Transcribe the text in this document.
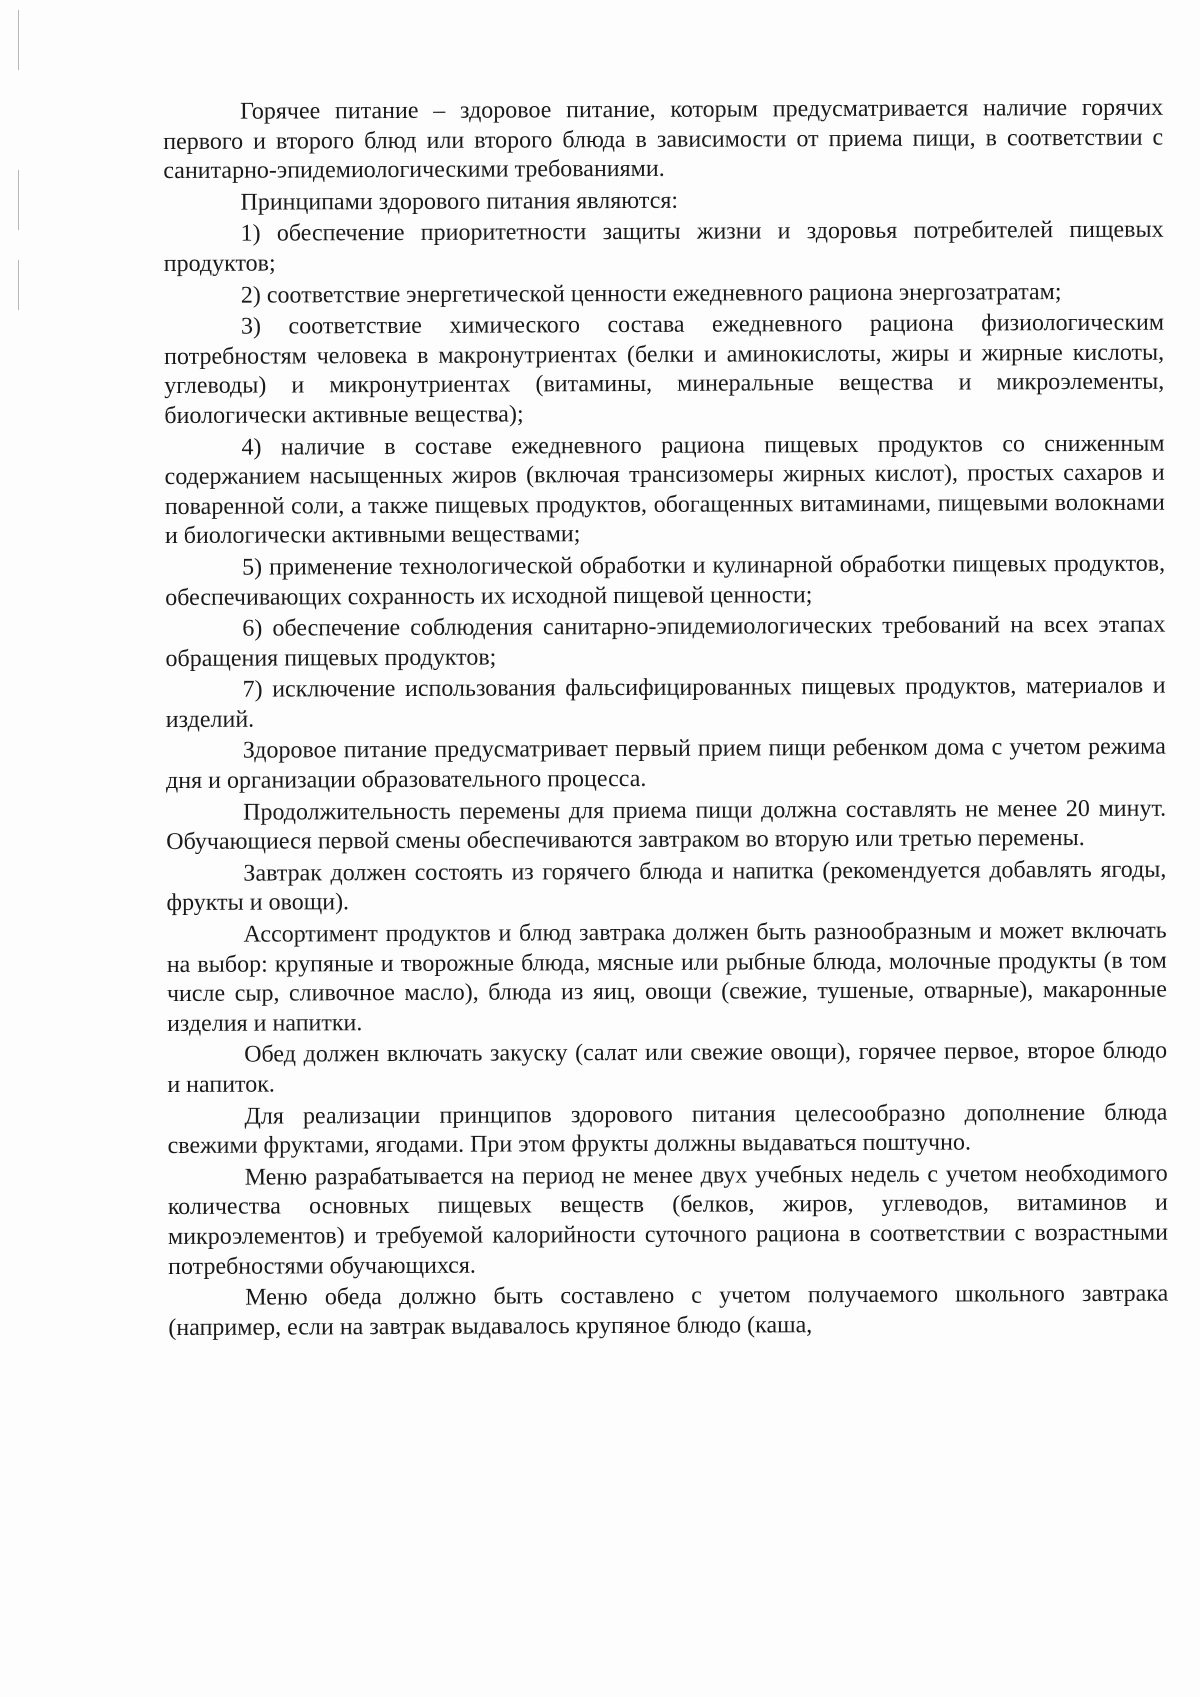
Горячее питание – здоровое питание, которым предусматривается наличие горячих первого и второго блюд или второго блюда в зависимости от приема пищи, в соответствии с санитарно-эпидемиологическими требованиями.

Принципами здорового питания являются:

1) обеспечение приоритетности защиты жизни и здоровья потребителей пищевых продуктов;

2) соответствие энергетической ценности ежедневного рациона энергозатратам;

3) соответствие химического состава ежедневного рациона физиологическим потребностям человека в макронутриентах (белки и аминокислоты, жиры и жирные кислоты, углеводы) и микронутриентах (витамины, минеральные вещества и микроэлементы, биологически активные вещества);

4) наличие в составе ежедневного рациона пищевых продуктов со сниженным содержанием насыщенных жиров (включая трансизомеры жирных кислот), простых сахаров и поваренной соли, а также пищевых продуктов, обогащенных витаминами, пищевыми волокнами и биологически активными веществами;

5) применение технологической обработки и кулинарной обработки пищевых продуктов, обеспечивающих сохранность их исходной пищевой ценности;

6) обеспечение соблюдения санитарно-эпидемиологических требований на всех этапах обращения пищевых продуктов;

7) исключение использования фальсифицированных пищевых продуктов, материалов и изделий.

Здоровое питание предусматривает первый прием пищи ребенком дома с учетом режима дня и организации образовательного процесса.

Продолжительность перемены для приема пищи должна составлять не менее 20 минут. Обучающиеся первой смены обеспечиваются завтраком во вторую или третью перемены.

Завтрак должен состоять из горячего блюда и напитка (рекомендуется добавлять ягоды, фрукты и овощи).

Ассортимент продуктов и блюд завтрака должен быть разнообразным и может включать на выбор: крупяные и творожные блюда, мясные или рыбные блюда, молочные продукты (в том числе сыр, сливочное масло), блюда из яиц, овощи (свежие, тушеные, отварные), макаронные изделия и напитки.

Обед должен включать закуску (салат или свежие овощи), горячее первое, второе блюдо и напиток.

Для реализации принципов здорового питания целесообразно дополнение блюда свежими фруктами, ягодами. При этом фрукты должны выдаваться поштучно.

Меню разрабатывается на период не менее двух учебных недель с учетом необходимого количества основных пищевых веществ (белков, жиров, углеводов, витаминов и микроэлементов) и требуемой калорийности суточного рациона в соответствии с возрастными потребностями обучающихся.

Меню обеда должно быть составлено с учетом получаемого школьного завтрака (например, если на завтрак выдавалось крупяное блюдо (каша,
